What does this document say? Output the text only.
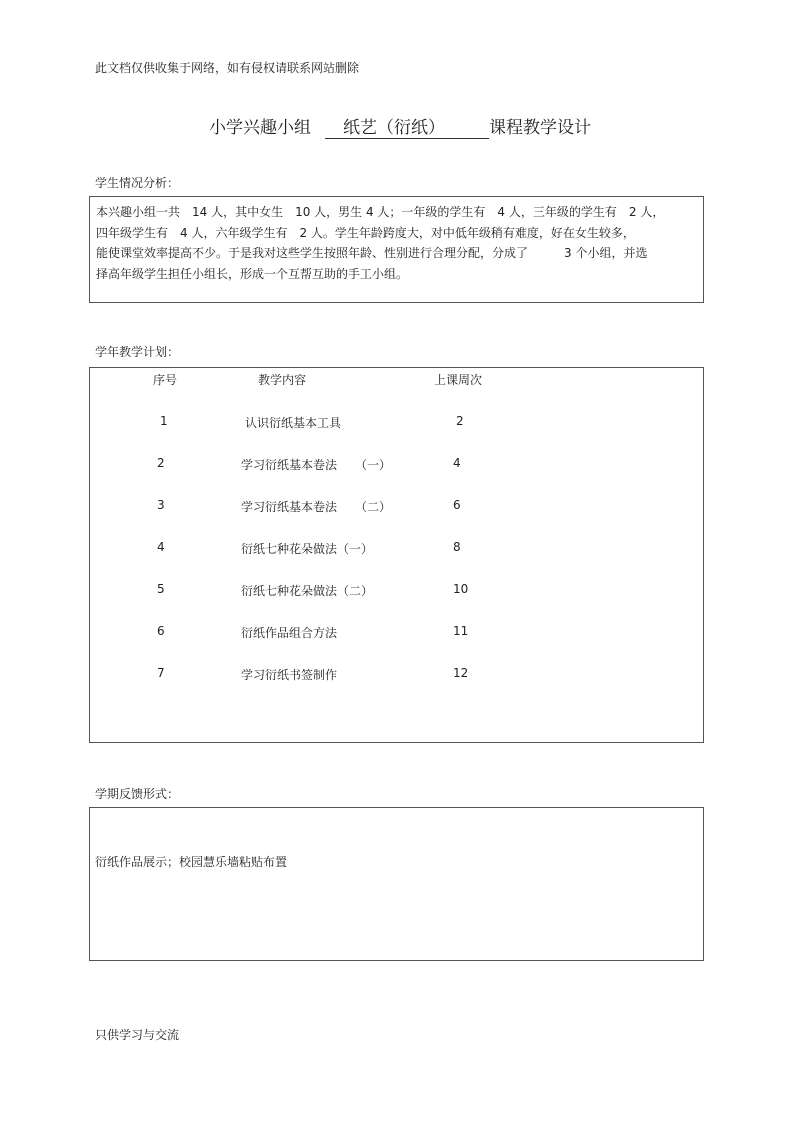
此文档仅供收集于网络，如有侵权请联系网站删除
小学兴趣小组 纸艺（衍纸）	课程教学设计
学生情况分析：
本兴趣小组一共　14 人，其中女生　10 人，男生 4 人；一年级的学生有　4 人，三年级的学生有　2 人，
四年级学生有　4 人，六年级学生有　2 人。学生年龄跨度大，对中低年级稍有难度，好在女生较多，
能使课堂效率提高不少。于是我对这些学生按照年龄、性别进行合理分配，分成了　　　3 个小组，并选
择高年级学生担任小组长，形成一个互帮互助的手工小组。
学年教学计划：
序号	教学内容	上课周次
1	认识衍纸基本工具	2
2	学习衍纸基本卷法　　（一）	4
3	学习衍纸基本卷法　　（二）	6
4	衍纸七种花朵做法（一）	8
5	衍纸七种花朵做法（二）	10
6	衍纸作品组合方法	11
7	学习衍纸书签制作	12
学期反馈形式：
衍纸作品展示；校园慧乐墙粘贴布置
只供学习与交流
